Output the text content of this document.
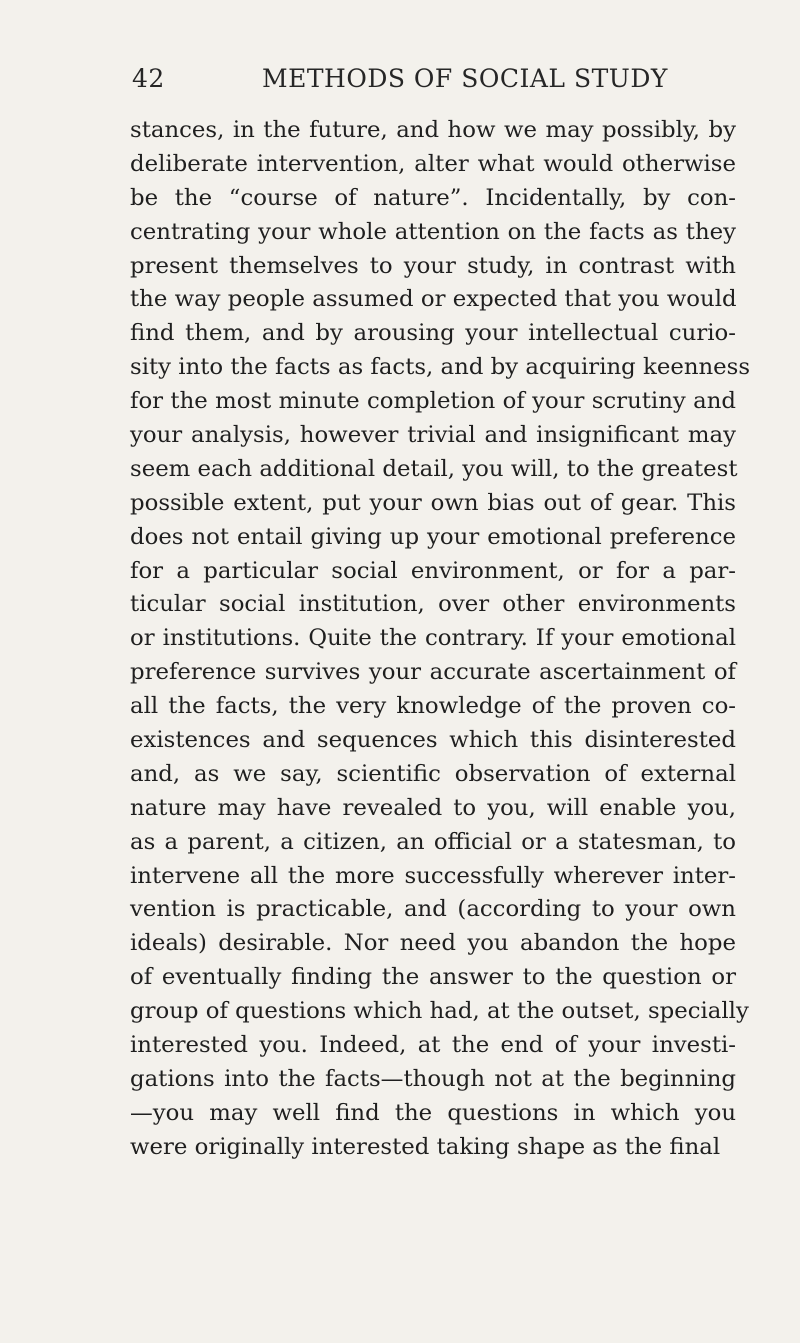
42	METHODS OF SOCIAL STUDY
stances, in the future, and how we may possibly, by
deliberate intervention, alter what would otherwise
be the “course of nature”. Incidentally, by con-
centrating your whole attention on the facts as they
present themselves to your study, in contrast with
the way people assumed or expected that you would
find them, and by arousing your intellectual curio-
sity into the facts as facts, and by acquiring keenness
for the most minute completion of your scrutiny and
your analysis, however trivial and insignificant may
seem each additional detail, you will, to the greatest
possible extent, put your own bias out of gear. This
does not entail giving up your emotional preference
for a particular social environment, or for a par-
ticular social institution, over other environments
or institutions. Quite the contrary. If your emotional
preference survives your accurate ascertainment of
all the facts, the very knowledge of the proven co-
existences and sequences which this disinterested
and, as we say, scientific observation of external
nature may have revealed to you, will enable you,
as a parent, a citizen, an official or a statesman, to
intervene all the more successfully wherever inter-
vention is practicable, and (according to your own
ideals) desirable. Nor need you abandon the hope
of eventually finding the answer to the question or
group of questions which had, at the outset, specially
interested you. Indeed, at the end of your investi-
gations into the facts—though not at the beginning
—you may well find the questions in which you
were originally interested taking shape as the final
